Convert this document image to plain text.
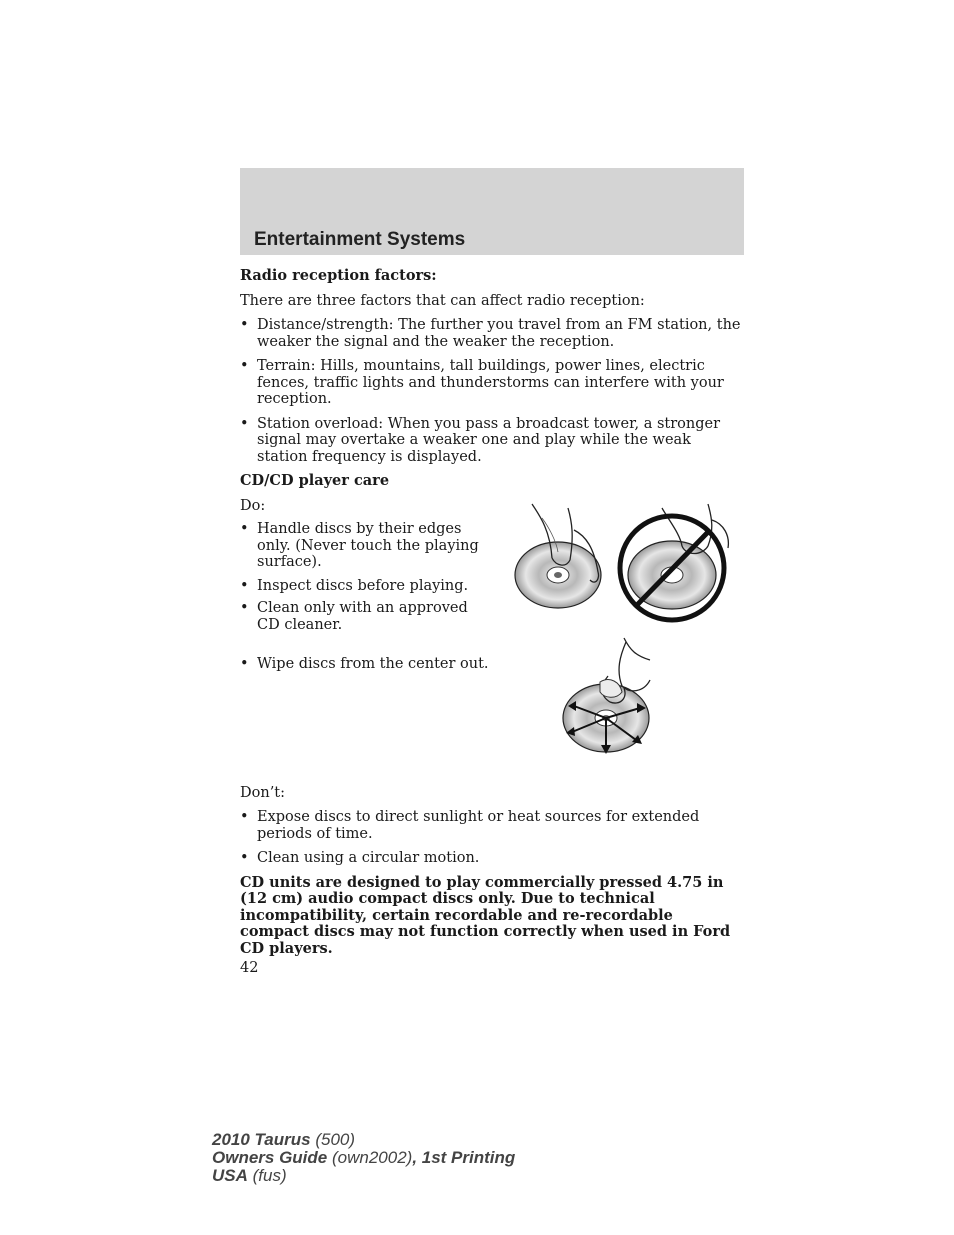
Entertainment Systems

Radio reception factors:

There are three factors that can affect radio reception:

• Distance/strength: The further you travel from an FM station, the weaker the signal and the weaker the reception.
• Terrain: Hills, mountains, tall buildings, power lines, electric fences, traffic lights and thunderstorms can interfere with your reception.
• Station overload: When you pass a broadcast tower, a stronger signal may overtake a weaker one and play while the weak station frequency is displayed.

CD/CD player care

Do:

• Handle discs by their edges only. (Never touch the playing surface).
• Inspect discs before playing.
• Clean only with an approved CD cleaner.
• Wipe discs from the center out.

Don’t:

• Expose discs to direct sunlight or heat sources for extended periods of time.
• Clean using a circular motion.

CD units are designed to play commercially pressed 4.75 in (12 cm) audio compact discs only. Due to technical incompatibility, certain recordable and re-recordable compact discs may not function correctly when used in Ford CD players.

42
2010 Taurus (500)
Owners Guide (own2002), 1st Printing
USA (fus)
